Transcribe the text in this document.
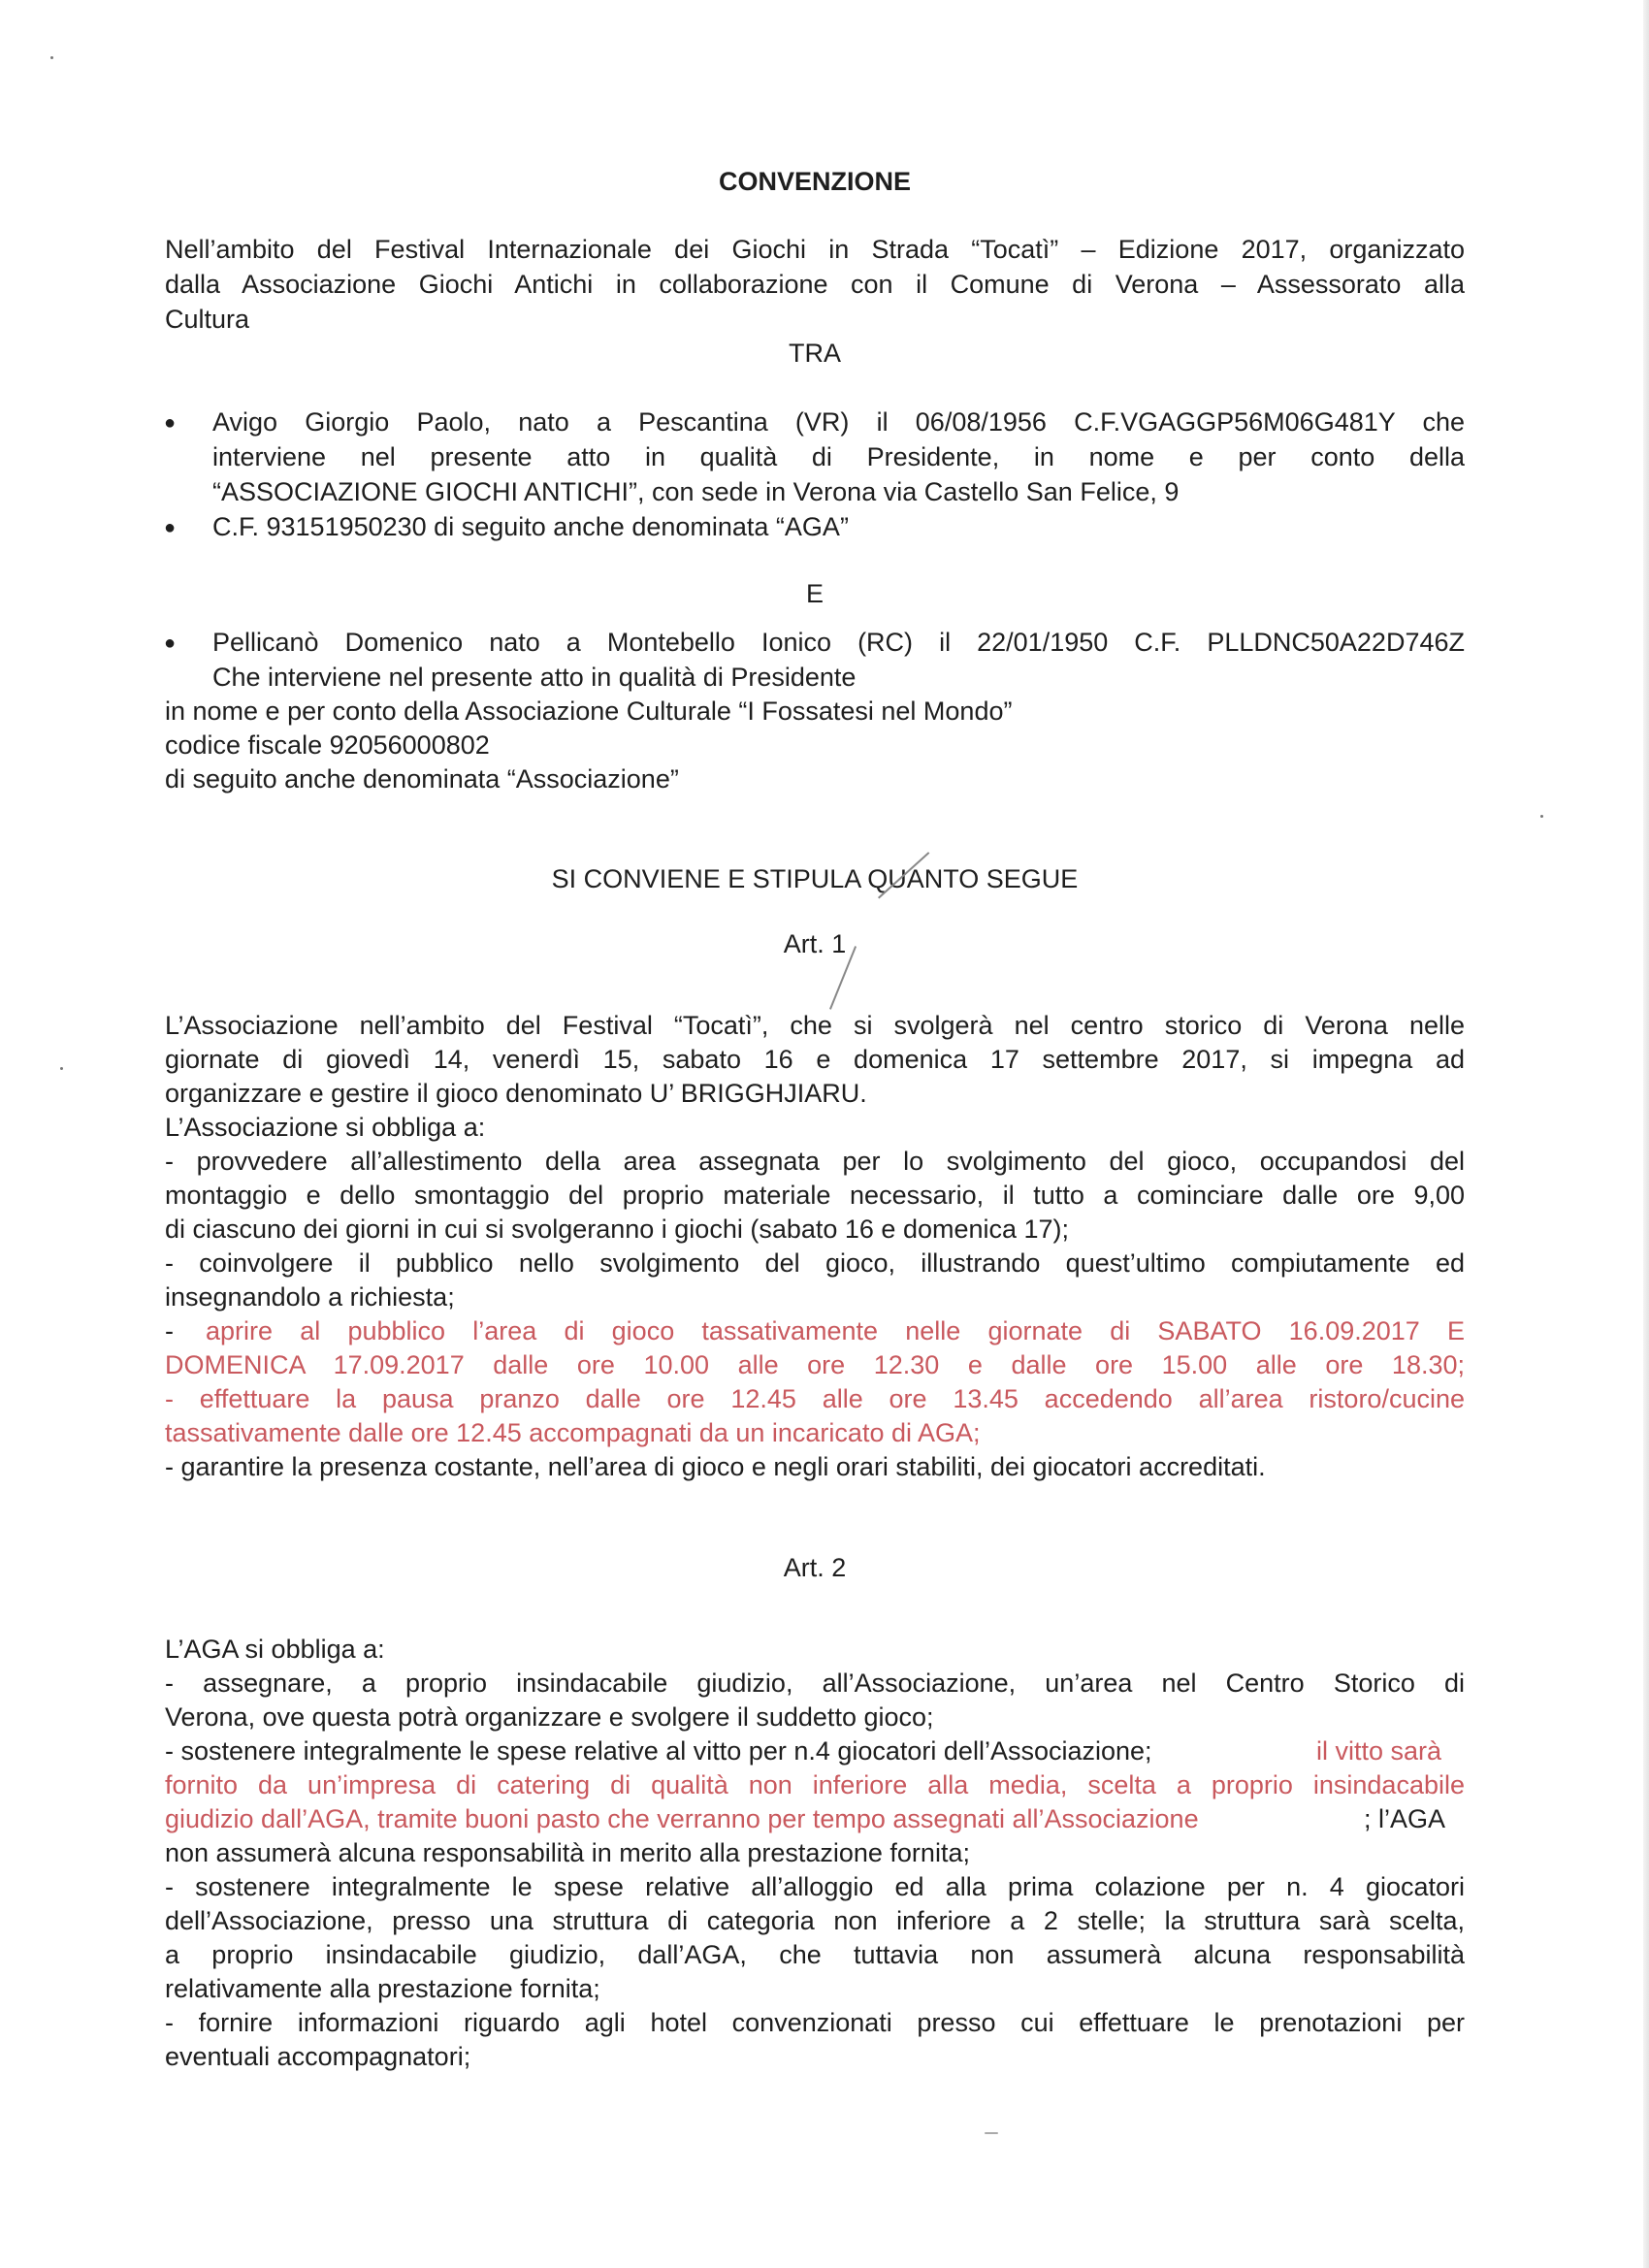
CONVENZIONE
Nell’ambito del Festival Internazionale dei Giochi in Strada “Tocatì” – Edizione 2017, organizzato
dalla Associazione Giochi Antichi in collaborazione con il Comune di Verona – Assessorato alla
Cultura
TRA
● Avigo Giorgio Paolo, nato a Pescantina (VR) il 06/08/1956 C.F.VGAGGP56M06G481Y che
interviene nel presente atto in qualità di Presidente, in nome e per conto della
“ASSOCIAZIONE GIOCHI ANTICHI”, con sede in Verona via Castello San Felice, 9
● C.F. 93151950230 di seguito anche denominata “AGA”
E
● Pellicanò Domenico nato a Montebello Ionico (RC) il 22/01/1950 C.F. PLLDNC50A22D746Z
Che interviene nel presente atto in qualità di Presidente
in nome e per conto della Associazione Culturale “I Fossatesi nel Mondo”
codice fiscale 92056000802
di seguito anche denominata “Associazione”
SI CONVIENE E STIPULA QUANTO SEGUE
Art. 1
L’Associazione nell’ambito del Festival “Tocatì”, che si svolgerà nel centro storico di Verona nelle
giornate di giovedì 14, venerdì 15, sabato 16 e domenica 17 settembre 2017, si impegna ad
organizzare e gestire il gioco denominato U’ BRIGGHJIARU.
L’Associazione si obbliga a:
- provvedere all’allestimento della area assegnata per lo svolgimento del gioco, occupandosi del
montaggio e dello smontaggio del proprio materiale necessario, il tutto a cominciare dalle ore 9,00
di ciascuno dei giorni in cui si svolgeranno i giochi (sabato 16 e domenica 17);
- coinvolgere il pubblico nello svolgimento del gioco, illustrando quest’ultimo compiutamente ed
insegnandolo a richiesta;
- aprire al pubblico l’area di gioco tassativamente nelle giornate di SABATO 16.09.2017 E
DOMENICA 17.09.2017 dalle ore 10.00 alle ore 12.30 e dalle ore 15.00 alle ore 18.30;
- effettuare la pausa pranzo dalle ore 12.45 alle ore 13.45 accedendo all’area ristoro/cucine
tassativamente dalle ore 12.45 accompagnati da un incaricato di AGA;
- garantire la presenza costante, nell’area di gioco e negli orari stabiliti, dei giocatori accreditati.
Art. 2
L’AGA si obbliga a:
- assegnare, a proprio insindacabile giudizio, all’Associazione, un’area nel Centro Storico di
Verona, ove questa potrà organizzare e svolgere il suddetto gioco;
- sostenere integralmente le spese relative al vitto per n.4 giocatori dell’Associazione;	il vitto sarà
fornito da un’impresa di catering di qualità non inferiore alla media, scelta a proprio insindacabile
giudizio dall’AGA, tramite buoni pasto che verranno per tempo assegnati all’Associazione	; l’AGA
non assumerà alcuna responsabilità in merito alla prestazione fornita;
- sostenere integralmente le spese relative all’alloggio ed alla prima colazione per n. 4 giocatori
dell’Associazione, presso una struttura di categoria non inferiore a 2 stelle; la struttura sarà scelta,
a proprio insindacabile giudizio, dall’AGA, che tuttavia non assumerà alcuna responsabilità
relativamente alla prestazione fornita;
- fornire informazioni riguardo agli hotel convenzionati presso cui effettuare le prenotazioni per
eventuali accompagnatori;
